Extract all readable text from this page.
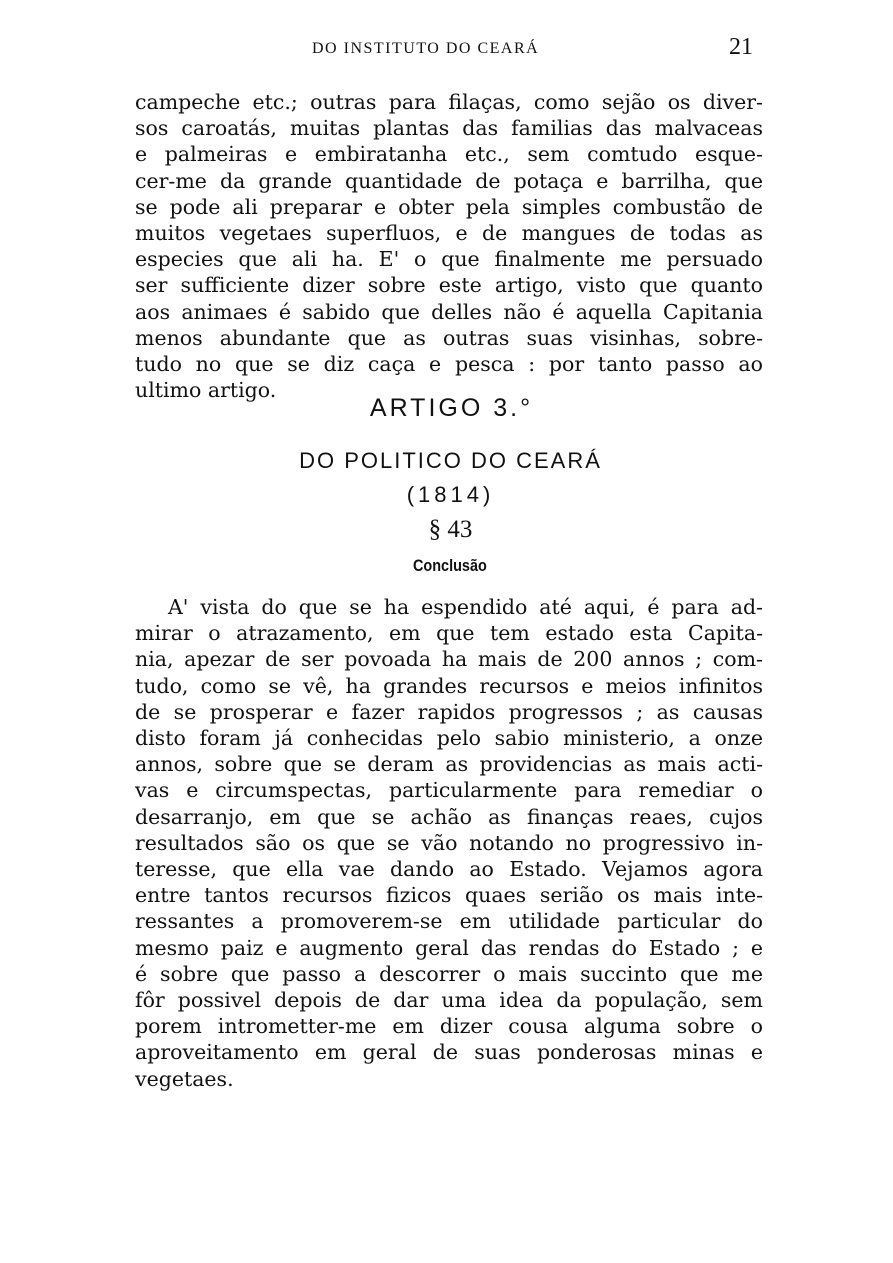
DO INSTITUTO DO CEARÁ	21
campeche etc.; outras para filaças, como sejão os diver-
sos caroatás, muitas plantas das familias das malvaceas
e palmeiras e embiratanha etc., sem comtudo esque-
cer-me da grande quantidade de potaça e barrilha, que
se pode ali preparar e obter pela simples combustão de
muitos vegetaes superfluos, e de mangues de todas as
especies que ali ha. E' o que finalmente me persuado
ser sufficiente dizer sobre este artigo, visto que quanto
aos animaes é sabido que delles não é aquella Capitania
menos abundante que as outras suas visinhas, sobre-
tudo no que se diz caça e pesca : por tanto passo ao
ultimo artigo.
ARTIGO 3.°
DO POLITICO DO CEARÁ
(1814)
§ 43
Conclusão
A' vista do que se ha espendido até aqui, é para ad-
mirar o atrazamento, em que tem estado esta Capita-
nia, apezar de ser povoada ha mais de 200 annos ; com-
tudo, como se vê, ha grandes recursos e meios infinitos
de se prosperar e fazer rapidos progressos ; as causas
disto foram já conhecidas pelo sabio ministerio, a onze
annos, sobre que se deram as providencias as mais acti-
vas e circumspectas, particularmente para remediar o
desarranjo, em que se achão as finanças reaes, cujos
resultados são os que se vão notando no progressivo in-
teresse, que ella vae dando ao Estado. Vejamos agora
entre tantos recursos fizicos quaes serião os mais inte-
ressantes a promoverem-se em utilidade particular do
mesmo paiz e augmento geral das rendas do Estado ; e
é sobre que passo a descorrer o mais succinto que me
fôr possivel depois de dar uma idea da população, sem
porem intrometter-me em dizer cousa alguma sobre o
aproveitamento em geral de suas ponderosas minas e
vegetaes.
